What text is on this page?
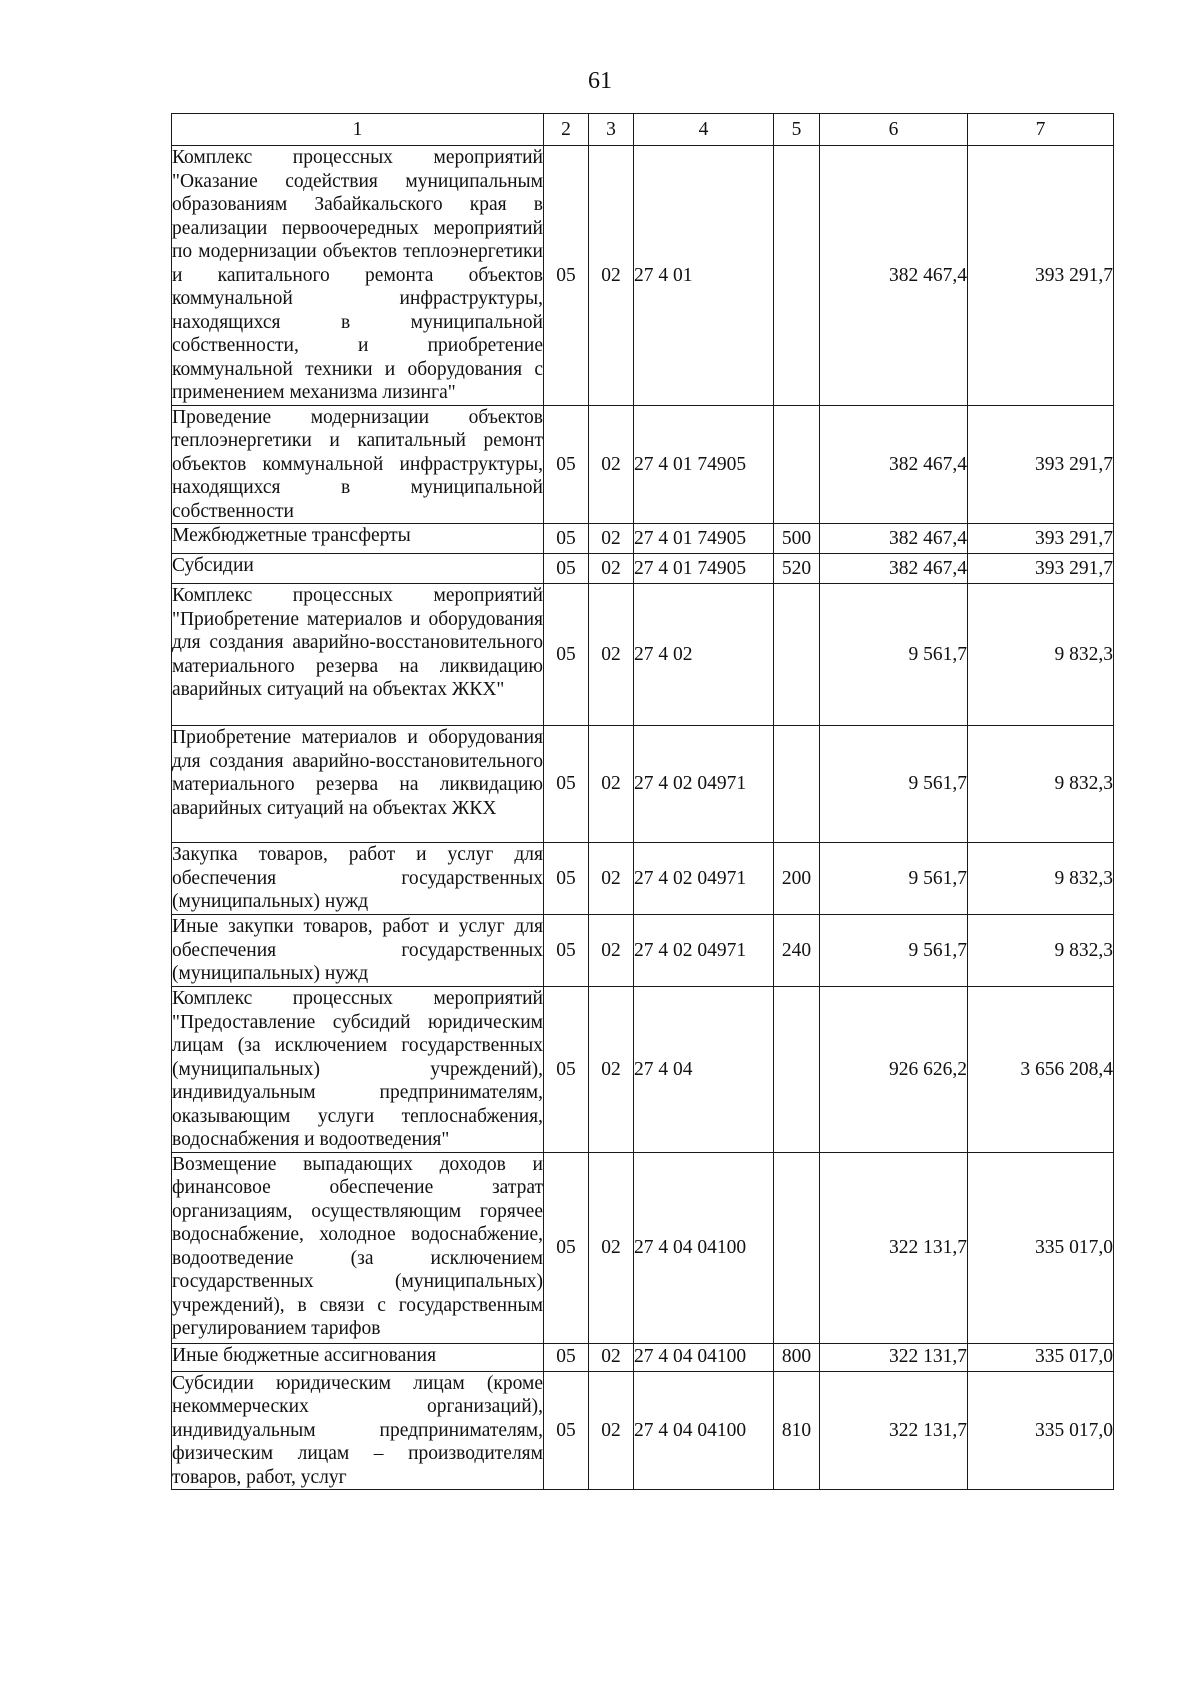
61
1	2	3	4	5	6	7
Комплекс процессных мероприятий "Оказание содействия муниципальным образованиям Забайкальского края в реализации первоочередных мероприятий по модернизации объектов теплоэнергетики и капитального ремонта объектов коммунальной инфраструктуры, находящихся в муниципальной собственности, и приобретение коммунальной техники и оборудования с применением механизма лизинга"	05	02	27 4 01		382 467,4	393 291,7
Проведение модернизации объектов теплоэнергетики и капитальный ремонт объектов коммунальной инфраструктуры, находящихся в муниципальной собственности	05	02	27 4 01 74905		382 467,4	393 291,7
Межбюджетные трансферты	05	02	27 4 01 74905	500	382 467,4	393 291,7
Субсидии	05	02	27 4 01 74905	520	382 467,4	393 291,7
Комплекс процессных мероприятий "Приобретение материалов и оборудования для создания аварийно-восстановительного материального резерва на ликвидацию аварийных ситуаций на объектах ЖКХ"	05	02	27 4 02		9 561,7	9 832,3
Приобретение материалов и оборудования для создания аварийно-восстановительного материального резерва на ликвидацию аварийных ситуаций на объектах ЖКХ	05	02	27 4 02 04971		9 561,7	9 832,3
Закупка товаров, работ и услуг для обеспечения государственных (муниципальных) нужд	05	02	27 4 02 04971	200	9 561,7	9 832,3
Иные закупки товаров, работ и услуг для обеспечения государственных (муниципальных) нужд	05	02	27 4 02 04971	240	9 561,7	9 832,3
Комплекс процессных мероприятий "Предоставление субсидий юридическим лицам (за исключением государственных (муниципальных) учреждений), индивидуальным предпринимателям, оказывающим услуги теплоснабжения, водоснабжения и водоотведения"	05	02	27 4 04		926 626,2	3 656 208,4
Возмещение выпадающих доходов и финансовое обеспечение затрат организациям, осуществляющим горячее водоснабжение, холодное водоснабжение, водоотведение (за исключением государственных (муниципальных) учреждений), в связи с государственным регулированием тарифов	05	02	27 4 04 04100		322 131,7	335 017,0
Иные бюджетные ассигнования	05	02	27 4 04 04100	800	322 131,7	335 017,0
Субсидии юридическим лицам (кроме некоммерческих организаций), индивидуальным предпринимателям, физическим лицам – производителям товаров, работ, услуг	05	02	27 4 04 04100	810	322 131,7	335 017,0
